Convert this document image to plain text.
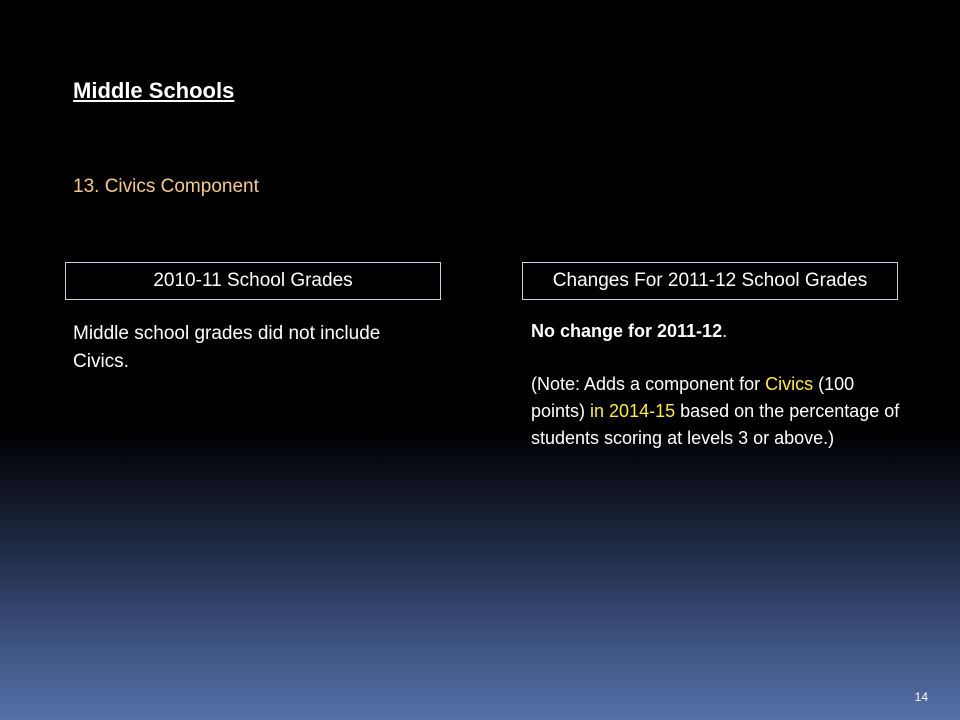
Middle Schools
13. Civics Component
2010-11 School Grades	Changes For 2011-12 School Grades
Middle school grades did not include Civics.

No change for 2011-12.

(Note: Adds a component for Civics (100 points) in 2014-15 based on the percentage of students scoring at levels 3 or above.)

14
